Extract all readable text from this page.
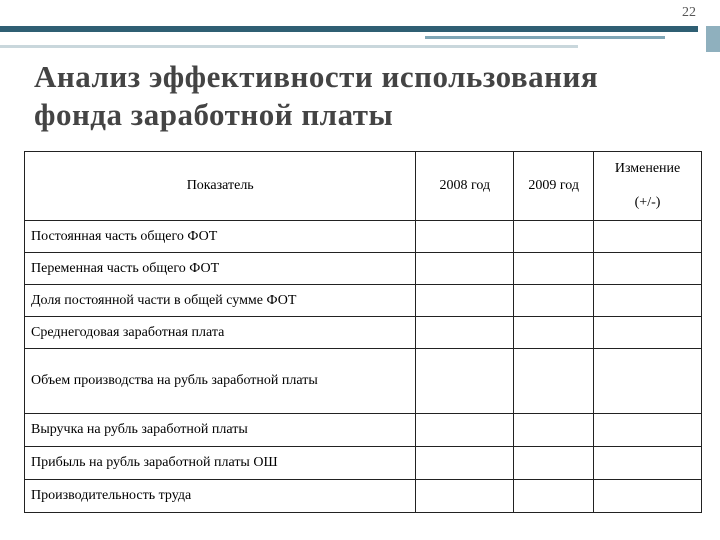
22
Анализ эффективности использования фонда заработной платы
Показатель	2008 год	2009 год	Изменение
(+/-)

Постоянная часть общего ФОТ			
Переменная часть общего ФОТ			
Доля постоянной части в общей сумме ФОТ			
Среднегодовая заработная плата			
Объем производства на рубль заработной платы			
Выручка на рубль заработной платы			
Прибыль на рубль заработной платы ОШ			
Производительность труда			
